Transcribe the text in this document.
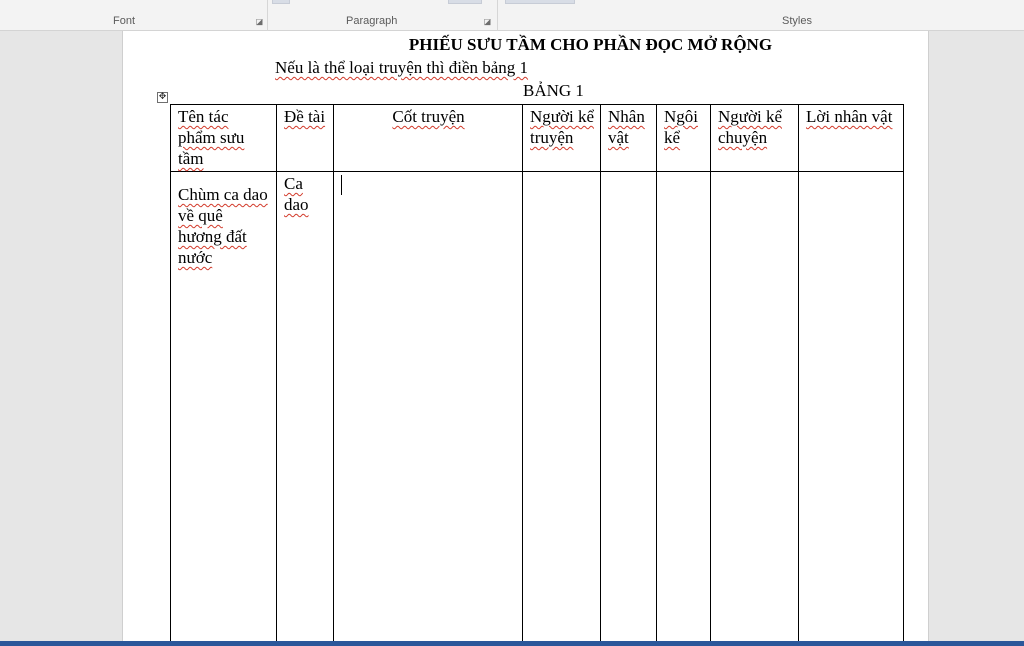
Font	◪	Paragraph	◪	Styles
PHIẾU SƯU TẦM CHO PHẦN ĐỌC MỞ RỘNG
Nếu là thể loại truyện thì điền bảng 1
BẢNG 1
✥
Tên tác phẩm sưu tầm	Đề tài	Cốt truyện	Người kể truyện	Nhân vật	Ngôi kể	Người kể chuyện	Lời nhân vật

Chùm ca dao về quê hương đất nước	Ca dao						
